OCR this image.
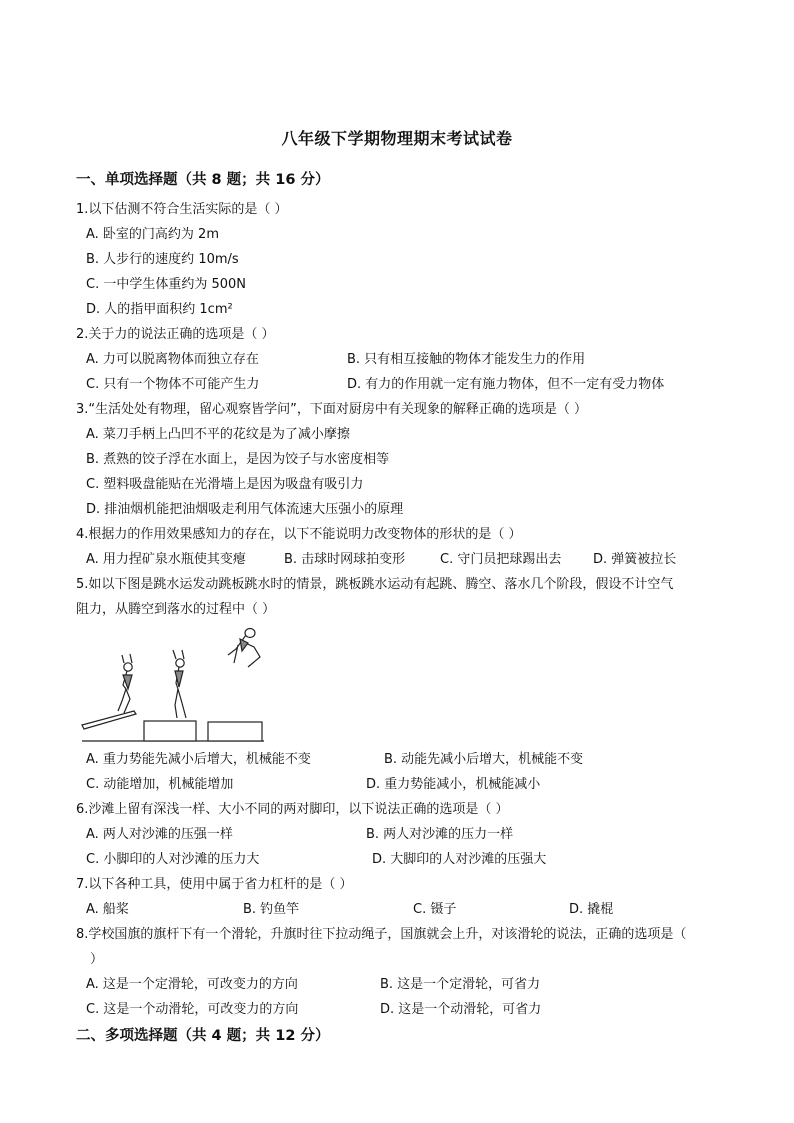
八年级下学期物理期末考试试卷
一、单项选择题（共 8 题；共 16 分）
1.以下估测不符合生活实际的是（ ）
A. 卧室的门高约为 2m
B. 人步行的速度约 10m/s
C. 一中学生体重约为 500N
D. 人的指甲面积约 1cm²
2.关于力的说法正确的选项是（ ）
A. 力可以脱离物体而独立存在	B. 只有相互接触的物体才能发生力的作用
C. 只有一个物体不可能产生力	D. 有力的作用就一定有施力物体，但不一定有受力物体
3.“生活处处有物理，留心观察皆学问”，下面对厨房中有关现象的解释正确的选项是（ ）
A. 菜刀手柄上凸凹不平的花纹是为了减小摩擦
B. 煮熟的饺子浮在水面上，是因为饺子与水密度相等
C. 塑料吸盘能贴在光滑墙上是因为吸盘有吸引力
D. 排油烟机能把油烟吸走利用气体流速大压强小的原理
4.根据力的作用效果感知力的存在，以下不能说明力改变物体的形状的是（ ）
A. 用力捏矿泉水瓶使其变瘪	B. 击球时网球拍变形	C. 守门员把球踢出去 D. 弹簧被拉长
5.如以下图是跳水运发动跳板跳水时的情景，跳板跳水运动有起跳、腾空、落水几个阶段，假设不计空气
阻力，从腾空到落水的过程中（ ）
A. 重力势能先减小后增大，机械能不变	B. 动能先减小后增大，机械能不变
C. 动能增加，机械能增加	D. 重力势能减小，机械能减小
6.沙滩上留有深浅一样、大小不同的两对脚印，以下说法正确的选项是（ ）
A. 两人对沙滩的压强一样	B. 两人对沙滩的压力一样
C. 小脚印的人对沙滩的压力大	D. 大脚印的人对沙滩的压强大
7.以下各种工具，使用中属于省力杠杆的是（ ）
A. 船桨	B. 钓鱼竿	C. 镊子	D. 撬棍
8.学校国旗的旗杆下有一个滑轮，升旗时往下拉动绳子，国旗就会上升，对该滑轮的说法，正确的选项是（
）
A. 这是一个定滑轮，可改变力的方向	B. 这是一个定滑轮，可省力
C. 这是一个动滑轮，可改变力的方向	D. 这是一个动滑轮，可省力
二、多项选择题（共 4 题；共 12 分）
